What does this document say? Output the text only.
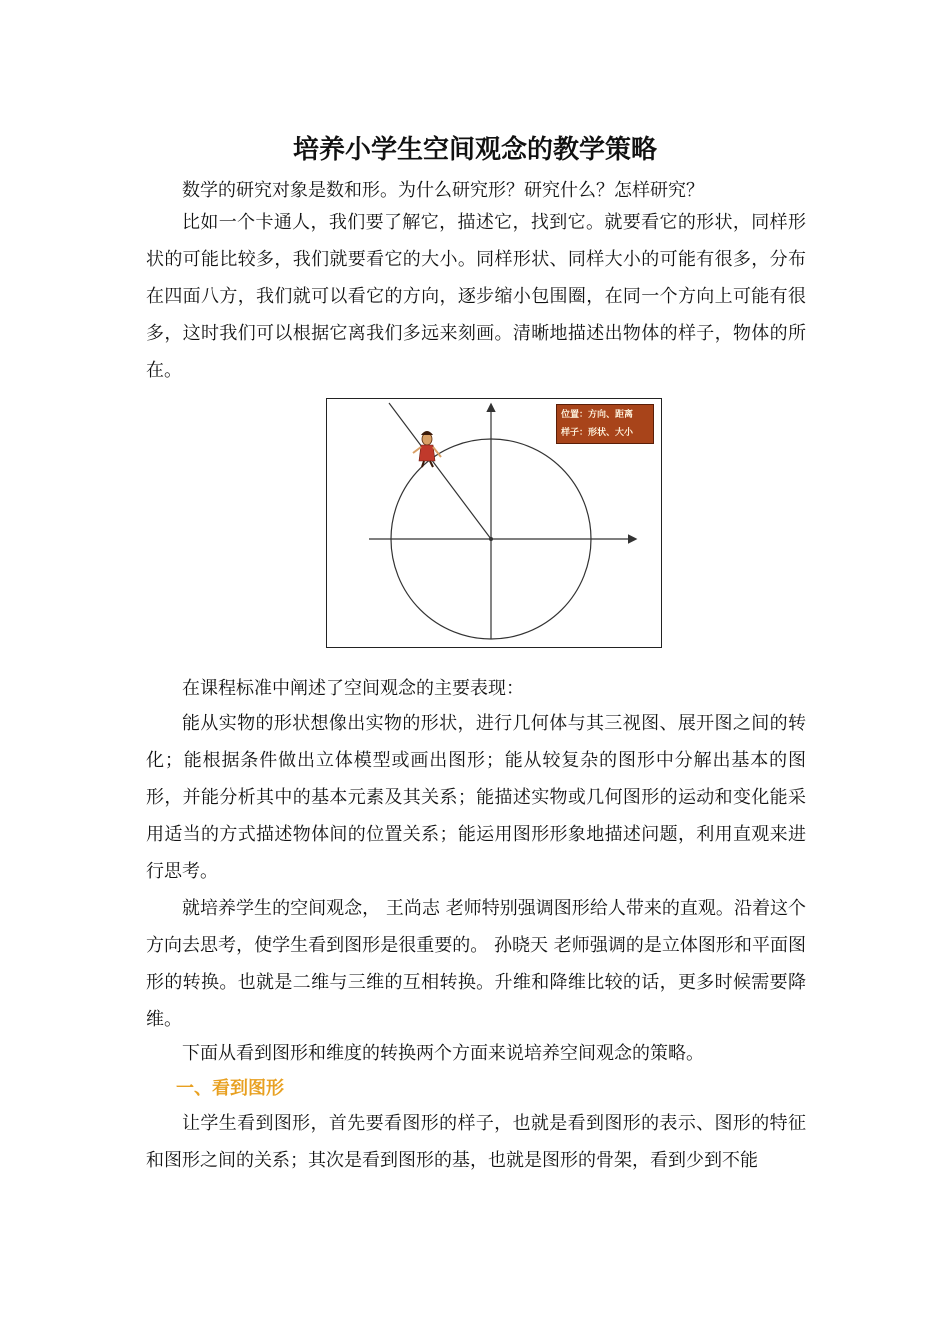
培养小学生空间观念的教学策略

数学的研究对象是数和形。为什么研究形？研究什么？怎样研究？

比如一个卡通人，我们要了解它，描述它，找到它。就要看它的形状，同样形状的可能比较多，我们就要看它的大小。同样形状、同样大小的可能有很多，分布在四面八方，我们就可以看它的方向，逐步缩小包围圈，在同一个方向上可能有很多，这时我们可以根据它离我们多远来刻画。清晰地描述出物体的样子，物体的所在。

位置：方向、距离
样子：形状、大小

在课程标准中阐述了空间观念的主要表现：

能从实物的形状想像出实物的形状，进行几何体与其三视图、展开图之间的转化；能根据条件做出立体模型或画出图形；能从较复杂的图形中分解出基本的图形，并能分析其中的基本元素及其关系；能描述实物或几何图形的运动和变化能采用适当的方式描述物体间的位置关系；能运用图形形象地描述问题，利用直观来进行思考。

就培养学生的空间观念， 王尚志 老师特别强调图形给人带来的直观。沿着这个方向去思考，使学生看到图形是很重要的。 孙晓天 老师强调的是立体图形和平面图形的转换。也就是二维与三维的互相转换。升维和降维比较的话，更多时候需要降维。

下面从看到图形和维度的转换两个方面来说培养空间观念的策略。

一、看到图形

让学生看到图形，首先要看图形的样子，也就是看到图形的表示、图形的特征和图形之间的关系；其次是看到图形的基，也就是图形的骨架，看到少到不能
